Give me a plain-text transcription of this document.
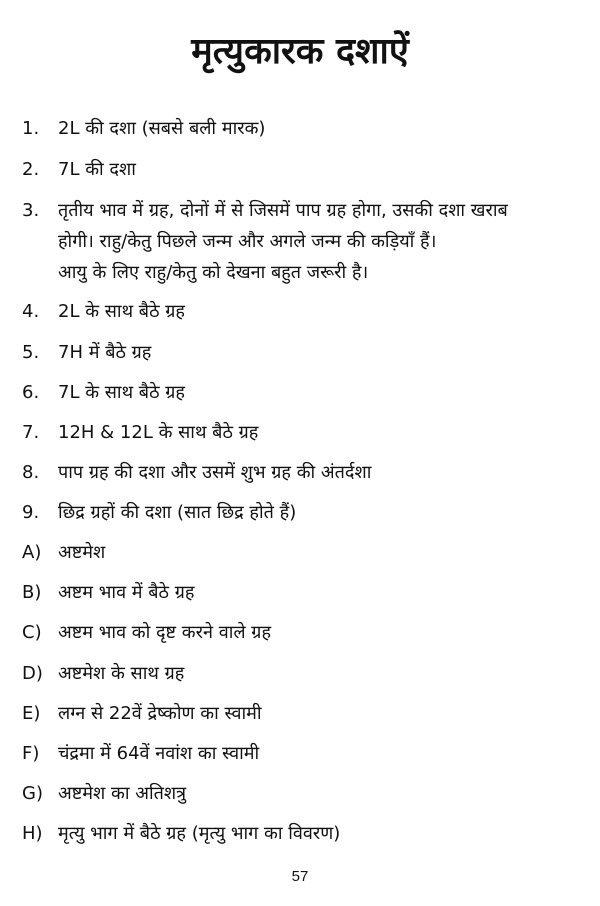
मृत्युकारक दशाऐं
1.	2L की दशा (सबसे बली मारक)
2.	7L की दशा
3.	तृतीय भाव में ग्रह, दोनों में से जिसमें पाप ग्रह होगा, उसकी दशा खराब
होगी। राहु/केतु पिछले जन्म और अगले जन्म की कड़ियाँ हैं।
आयु के लिए राहु/केतु को देखना बहुत जरूरी है।
4.	2L के साथ बैठे ग्रह
5.	7H में बैठे ग्रह
6.	7L के साथ बैठे ग्रह
7.	12H & 12L के साथ बैठे ग्रह
8.	पाप ग्रह की दशा और उसमें शुभ ग्रह की अंतर्दशा
9.	छिद्र ग्रहों की दशा (सात छिद्र होते हैं)
A) अष्टमेश
B) अष्टम भाव में बैठे ग्रह
C) अष्टम भाव को दृष्ट करने वाले ग्रह
D) अष्टमेश के साथ ग्रह
E) लग्न से 22वें द्रेष्कोण का स्वामी
F)	चंद्रमा में 64वें नवांश का स्वामी
G) अष्टमेश का अतिशत्रु
H) मृत्यु भाग में बैठे ग्रह (मृत्यु भाग का विवरण)
57
